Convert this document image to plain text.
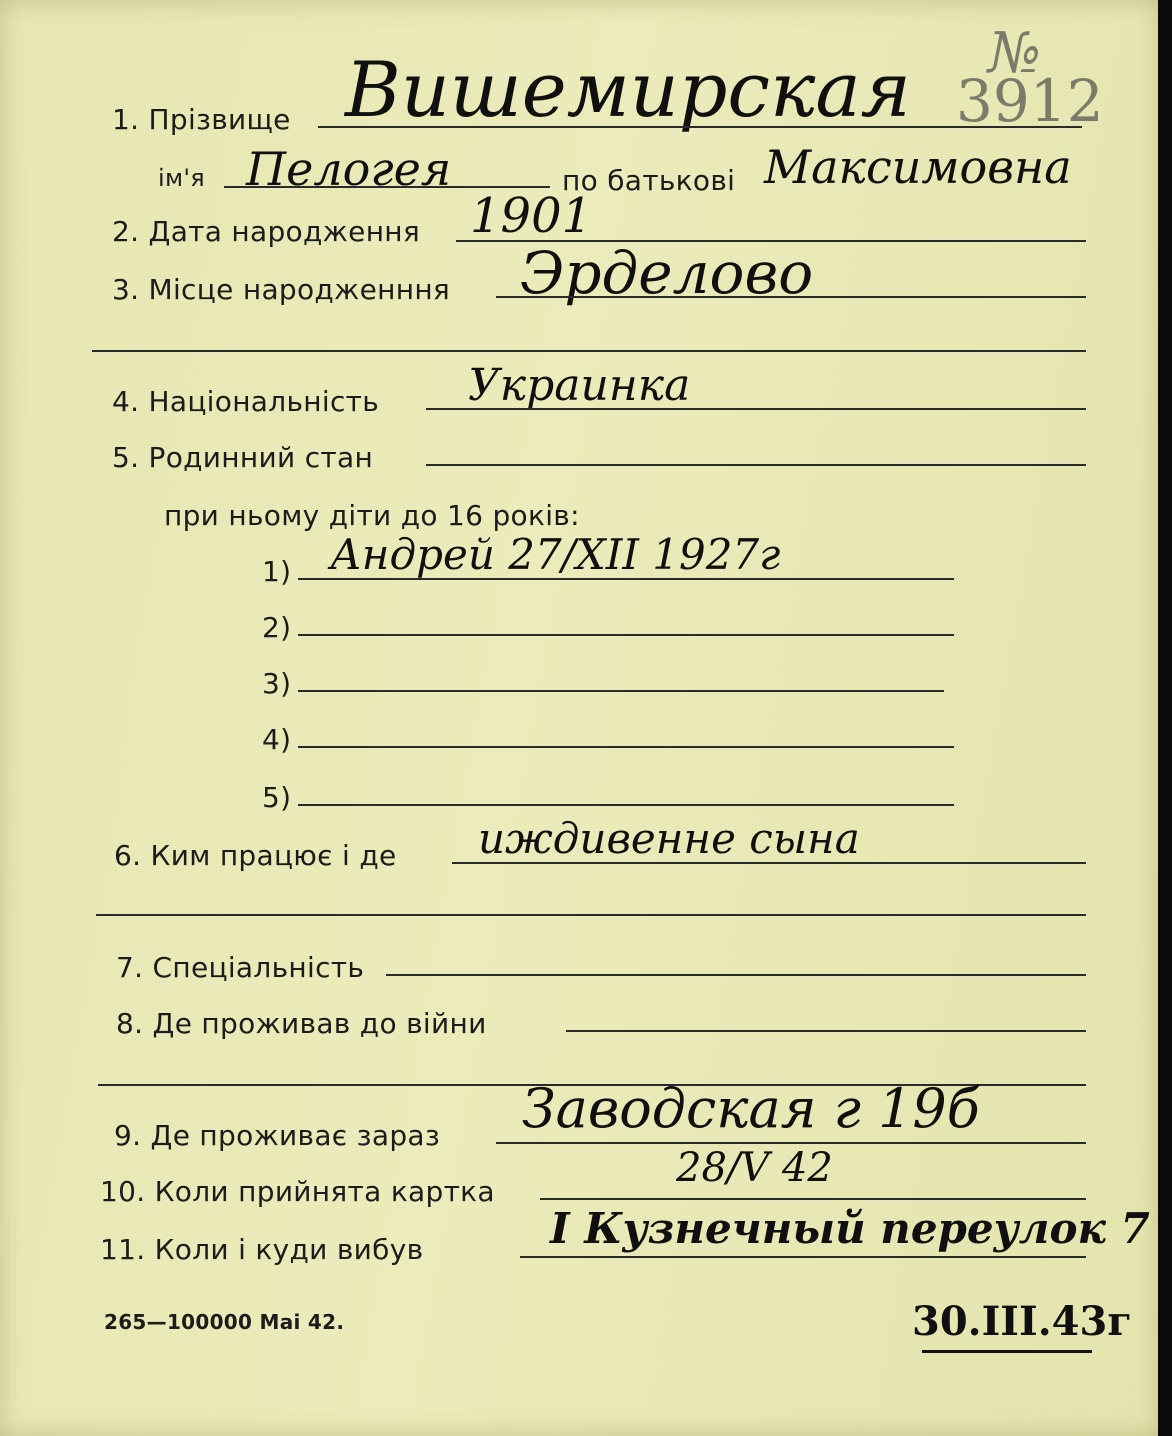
№
3912
1. Прізвище Вишемирская
ім'я Пелогея	по батькові Максимовна
2. Дата народження 1901
3. Місце народженння Эрделово
4. Національність Украинка
5. Родинний стан
при ньому діти до 16 років:
1) Андрей 27/XII 1927г
2)
3)
4)
5)
6. Ким працює і де иждивенне сына
7. Спеціальність
8. Де проживав до війни
9. Де проживає зараз Заводская г 19б
10. Коли прийнята картка
28/V 42
11. Коли і куди вибув	I Кузнечный переулок 7
265—100000 Mai 42.	30.III.43г
